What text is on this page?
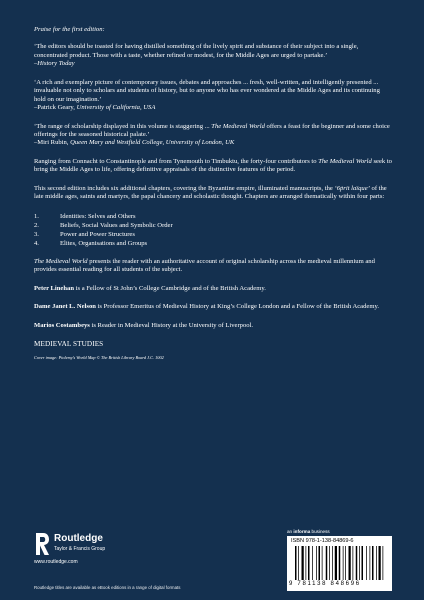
Praise for the first edition:

‘The editors should be toasted for having distilled something of the lively spirit and substance of their subject into a single, concentrated product. Those with a taste, whether refined or modest, for the Middle Ages are urged to partake.’

–History Today

‘A rich and exemplary picture of contemporary issues, debates and approaches ... fresh, well-written, and intelligently presented ... invaluable not only to scholars and students of history, but to anyone who has ever wondered at the Middle Ages and its continuing hold on our imagination.’

–Patrick Geary, University of California, USA

‘The range of scholarship displayed in this volume is staggering ... The Medieval World offers a feast for the beginner and some choice offerings for the seasoned historical palate.’

–Miri Rubin, Queen Mary and Westfield College, University of London, UK

Ranging from Connacht to Constantinople and from Tynemouth to Timbuktu, the forty-four contributors to The Medieval World seek to bring the Middle Ages to life, offering definitive appraisals of the distinctive features of the period.

This second edition includes six additional chapters, covering the Byzantine empire, illuminated manuscripts, the ‘6ṗrit laïque’ of the late middle ages, saints and martyrs, the papal chancery and scholastic thought. Chapters are arranged thematically within four parts:

1.	Identities: Selves and Others
2.	Beliefs, Social Values and Symbolic Order
3.	Power and Power Structures
4.	Elites, Organisations and Groups

The Medieval World presents the reader with an authoritative account of original scholarship across the medieval millennium and provides essential reading for all students of the subject.

Peter Linehan is a Fellow of St John’s College Cambridge and of the British Academy.

Dame Janet L. Nelson is Professor Emeritus of Medieval History at King’s College London and a Fellow of the British Academy.

Marios Costambeys is Reader in Medieval History at the University of Liverpool.

MEDIEVAL STUDIES

Cover image: Ptolemy’s World Map © The British Library Board J.C. 1002

Routledge
Taylor & Francis Group
www.routledge.com
Routledge titles are available as eBook editions in a range of digital formats
an informa business
ISBN 978-1-138-84869-6
9 781138 848696
